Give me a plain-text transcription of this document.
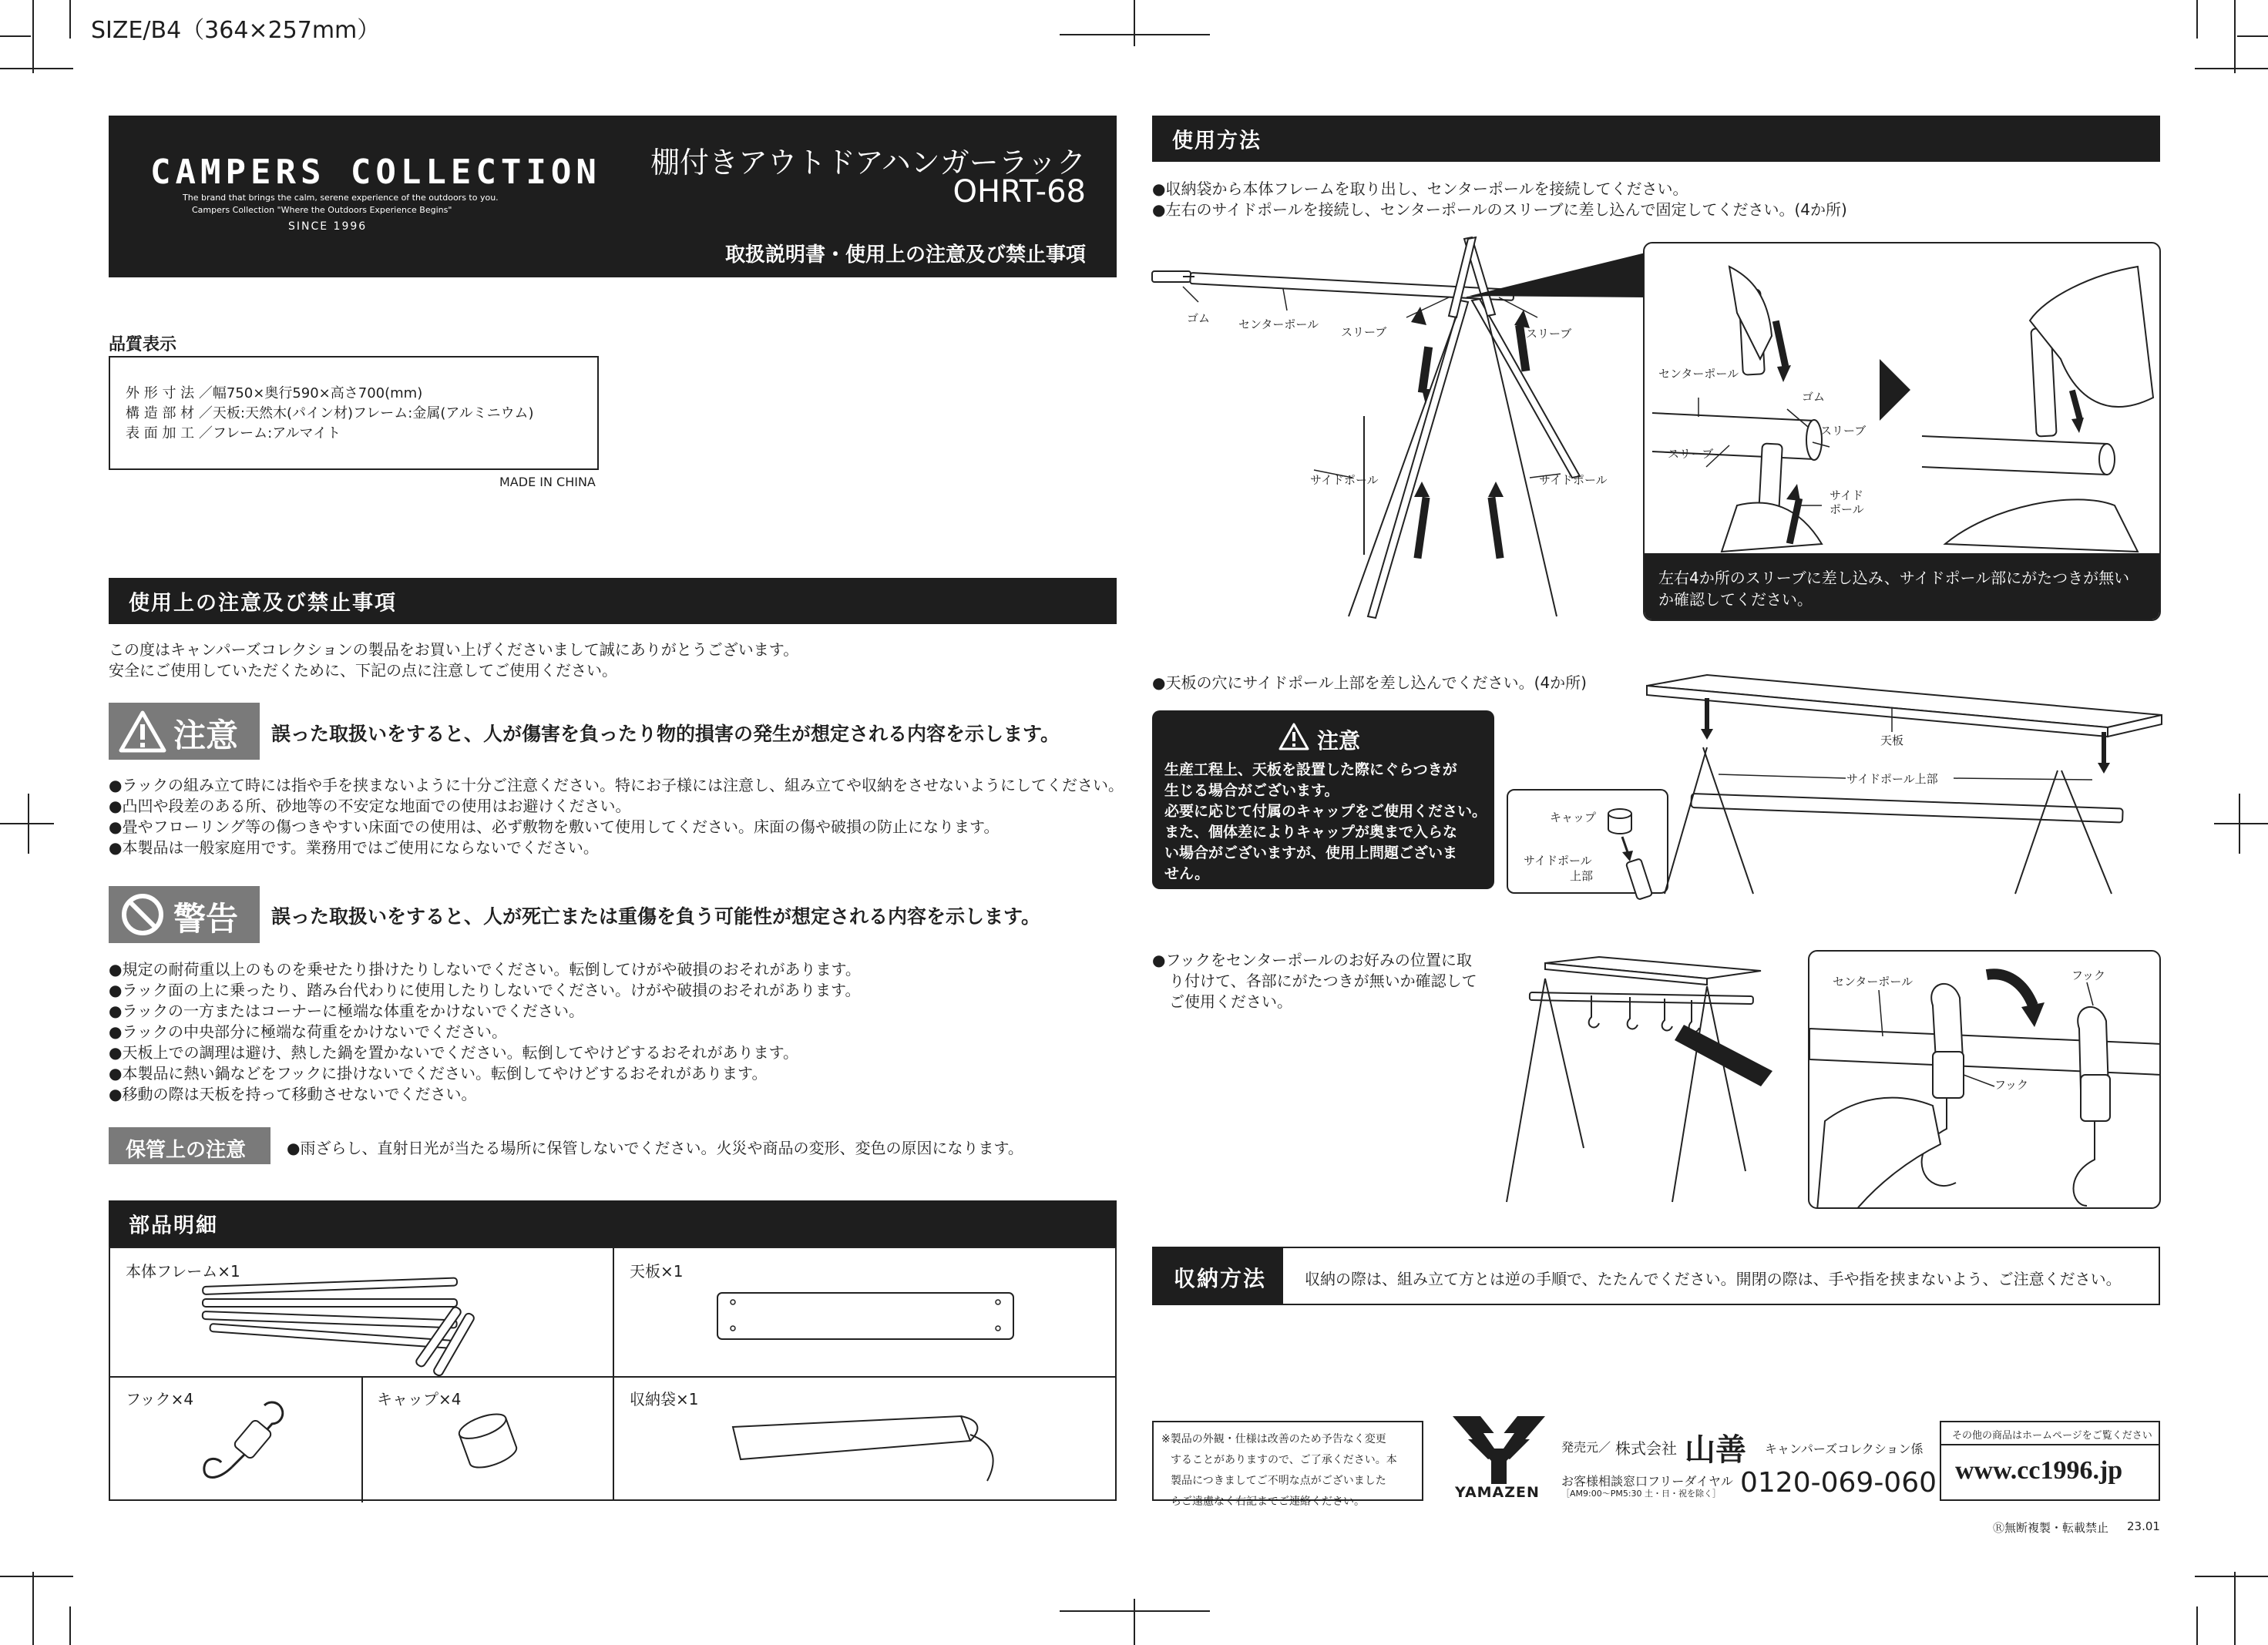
SIZE/B4（364×257mm）
CAMPERS COLLECTION
The brand that brings the calm, serene experience of the outdoors to you.
Campers Collection "Where the Outdoors Experience Begins"
SINCE 1996
棚付きアウトドアハンガーラック
OHRT-68
取扱説明書・使用上の注意及び禁止事項
品質表示
外 形 寸 法 ／幅750×奥行590×高さ700(mm)
構 造 部 材 ／天板:天然木(パイン材)フレーム:金属(アルミニウム)
表 面 加 工 ／フレーム:アルマイト
MADE IN CHINA
使用上の注意及び禁止事項
この度はキャンパーズコレクションの製品をお買い上げくださいまして誠にありがとうございます。
安全にご使用していただくために、下記の点に注意してご使用ください。
注意 誤った取扱いをすると、人が傷害を負ったり物的損害の発生が想定される内容を示します。
●ラックの組み立て時には指や手を挟まないように十分ご注意ください。特にお子様には注意し、組み立てや収納をさせないようにしてください。
●凸凹や段差のある所、砂地等の不安定な地面での使用はお避けください。
●畳やフローリング等の傷つきやすい床面での使用は、必ず敷物を敷いて使用してください。床面の傷や破損の防止になります。
●本製品は一般家庭用です。業務用ではご使用にならないでください。
警告 誤った取扱いをすると、人が死亡または重傷を負う可能性が想定される内容を示します。
●規定の耐荷重以上のものを乗せたり掛けたりしないでください。転倒してけがや破損のおそれがあります。
●ラック面の上に乗ったり、踏み台代わりに使用したりしないでください。けがや破損のおそれがあります。
●ラックの一方またはコーナーに極端な体重をかけないでください。
●ラックの中央部分に極端な荷重をかけないでください。
●天板上での調理は避け、熱した鍋を置かないでください。転倒してやけどするおそれがあります。
●本製品に熱い鍋などをフックに掛けないでください。転倒してやけどするおそれがあります。
●移動の際は天板を持って移動させないでください。
保管上の注意	●雨ざらし、直射日光が当たる場所に保管しないでください。火災や商品の変形、変色の原因になります。
部品明細
本体フレーム×1	天板×1
フック×4	キャップ×4	収納袋×1
使用方法
●収納袋から本体フレームを取り出し、センターポールを接続してください。
●左右のサイドポールを接続し、センターポールのスリーブに差し込んで固定してください。(4か所)
ゴム センターポール
スリーブ	スリーブ
サイドポール	サイドポール
センターポール
ゴム
スリーブ
スリーブ
サイド
ポール
左右4か所のスリーブに差し込み、サイドポール部にがたつきが無い
か確認してください。
●天板の穴にサイドポール上部を差し込んでください。(4か所)
注意
生産工程上、天板を設置した際にぐらつきが
生じる場合がございます。
必要に応じて付属のキャップをご使用ください。
また、個体差によりキャップが奥まで入らな
い場合がございますが、使用上問題ございま
せん。
キャップ
サイドポール
上部
天板
サイドポール上部
●フックをセンターポールのお好みの位置に取
り付けて、各部にがたつきが無いか確認して
ご使用ください。
センターポール	フック
フック
収納方法 収納の際は、組み立て方とは逆の手順で、たたんでください。開閉の際は、手や指を挟まないよう、ご注意ください。
※製品の外観・仕様は改善のため予告なく変更
することがありますので、ご了承ください。本
製品につきましてご不明な点がございました
らご遠慮なく右記までご連絡ください。
YAMAZEN
発売元／ 株式会社 山善 キャンパーズコレクション係
お客様相談窓口フリーダイヤル
［AM9:00～PM5:30 土・日・祝を除く］ 0120-069-060
その他の商品はホームページをご覧ください
www.cc1996.jp
Ⓡ無断複製・転載禁止 23.01
